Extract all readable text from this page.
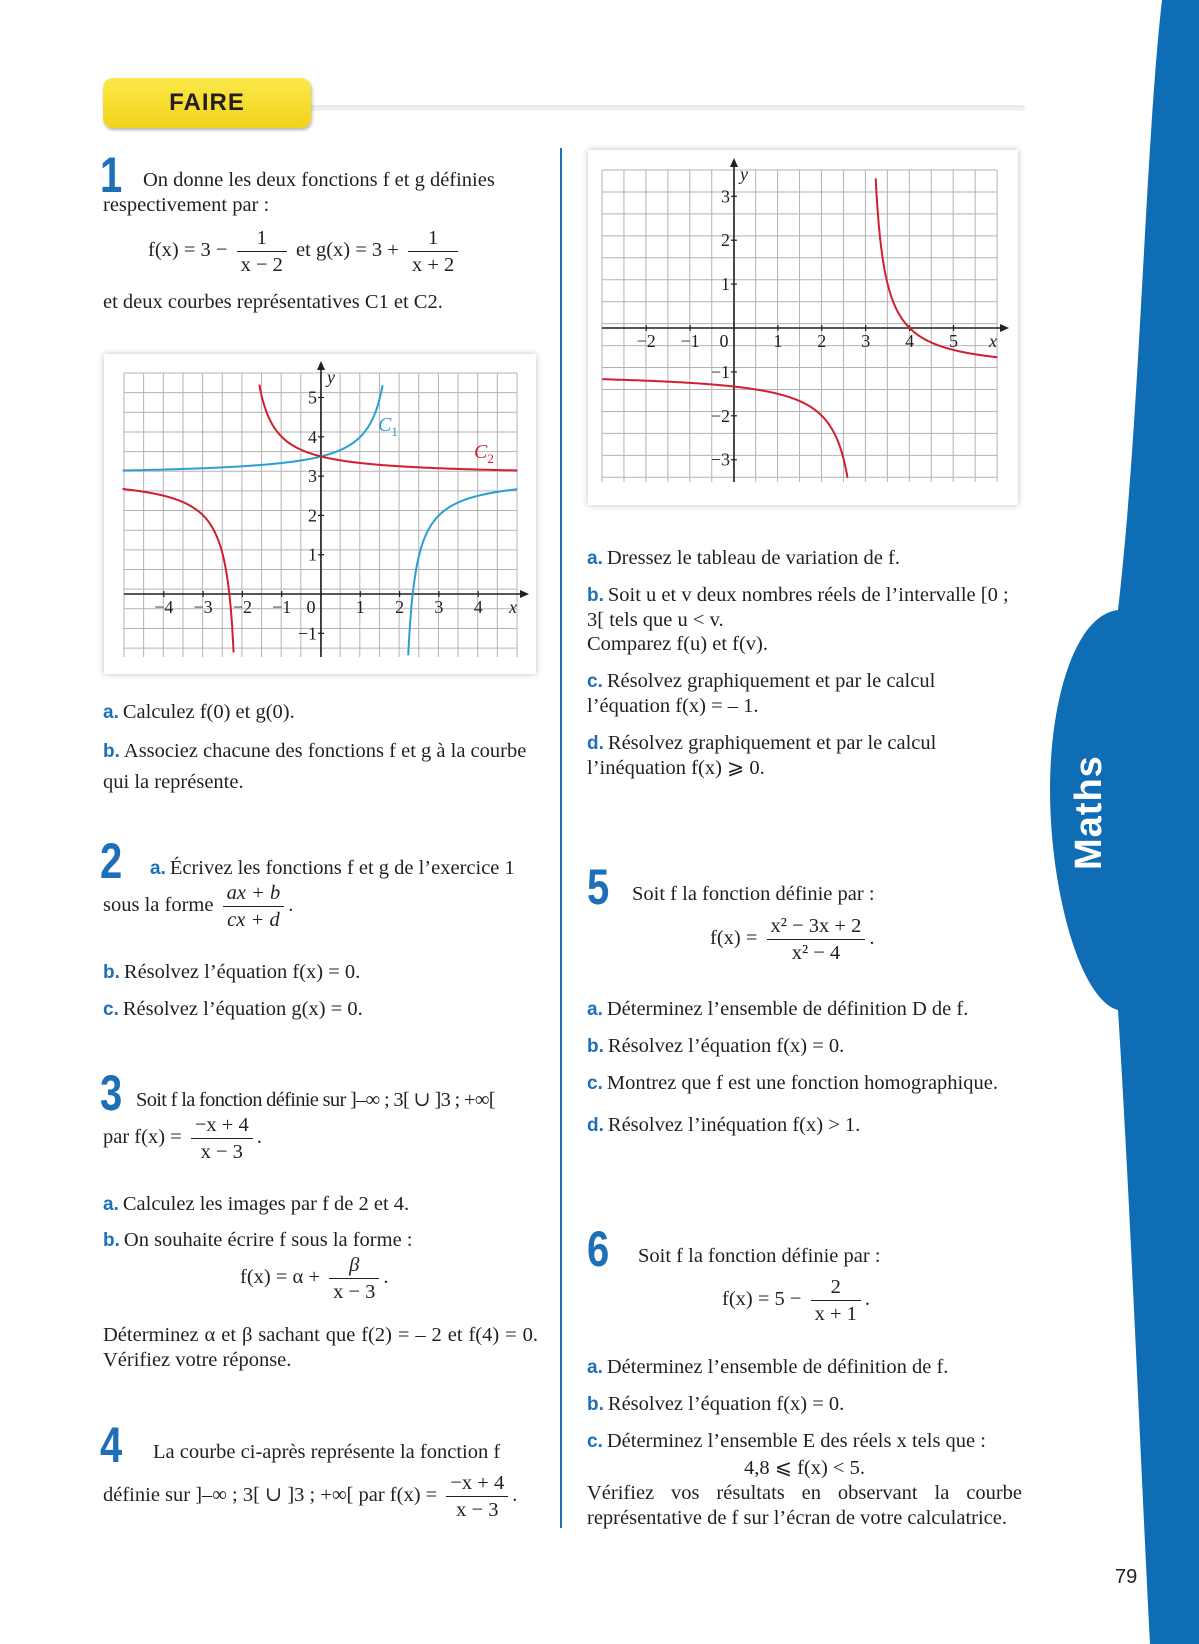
Maths
FAIRE
1	On donne les deux fonctions f et g définies respectivement par :
$f(x) = 3 - \frac{1}{x - 2}$ et $g(x) = 3 + \frac{1}{x + 2}$
et deux courbes représentatives C1 et C2.
−4 −3 −2 −1 0 1 2 3 4
−1
1
2
3
4
5
x
y
$C_1$
$C_2$
a. Calculez f(0) et g(0).
b. Associez chacune des fonctions f et g à la courbe qui la représente.
2 a. Écrivez les fonctions f et g de l’exercice 1
sous la forme $\frac{ax + b}{cx + d}$ .
b. Résolvez l’équation f(x) = 0.
c. Résolvez l’équation g(x) = 0.
3 Soit f la fonction définie sur ]–∞ ; 3[ ∪ ]3 ; +∞[
par $f(x) = \frac{-x + 4}{x - 3}$ .
a. Calculez les images par f de 2 et 4.
b. On souhaite écrire f sous la forme :
$f(x) = \alpha + \frac{\beta}{x - 3}$ .
Déterminez α et β sachant que f(2) = – 2 et f(4) = 0. Vérifiez votre réponse.
4 La courbe ci-après représente la fonction f
définie sur ]–∞ ; 3[ ∪ ]3 ; +∞[ par $f(x) = \frac{-x + 4}{x - 3}$ .
−2 −1 0 1 2 3 4 5
−3
−2
−1
1
2
3
x
y
a. Dressez le tableau de variation de f.
b. Soit u et v deux nombres réels de l’intervalle [0 ; 3[ tels que u < v.
Comparez f(u) et f(v).
c. Résolvez graphiquement et par le calcul l’équation f(x) = – 1.
d. Résolvez graphiquement et par le calcul l’inéquation f(x) ⩾ 0.
5 Soit f la fonction définie par :
$f(x) = \frac{\text{x² − 3x + 2}}{\text{x² − 4}}$ .
a. Déterminez l’ensemble de définition D de f.
b. Résolvez l’équation f(x) = 0.
c. Montrez que f est une fonction homographique.
d. Résolvez l’inéquation f(x) > 1.
6 Soit f la fonction définie par :
$f(x) = 5 - \frac{2}{x + 1}$ .
a. Déterminez l’ensemble de définition de f.
b. Résolvez l’équation f(x) = 0.
c. Déterminez l’ensemble E des réels x tels que :
4,8 ⩽ f(x) < 5.
Vérifiez vos résultats en observant la courbe représentative de f sur l’écran de votre calculatrice.
79
